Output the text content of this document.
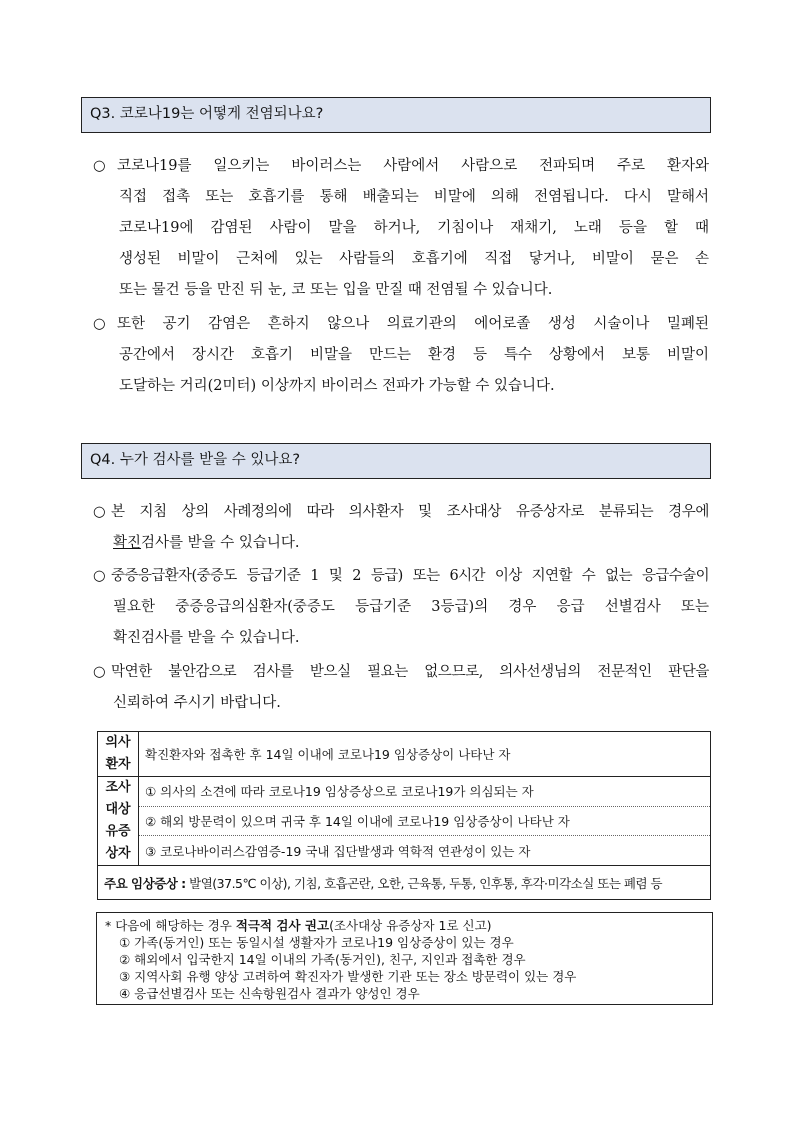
Q3. 코로나19는 어떻게 전염되나요?
○ 코로나19를 일으키는 바이러스는 사람에서 사람으로 전파되며 주로 환자와
직접 접촉 또는 호흡기를 통해 배출되는 비말에 의해 전염됩니다. 다시 말해서
코로나19에 감염된 사람이 말을 하거나, 기침이나 재채기, 노래 등을 할 때
생성된 비말이 근처에 있는 사람들의 호흡기에 직접 닿거나, 비말이 묻은 손
또는 물건 등을 만진 뒤 눈, 코 또는 입을 만질 때 전염될 수 있습니다.
○ 또한 공기 감염은 흔하지 않으나 의료기관의 에어로졸 생성 시술이나 밀폐된
공간에서 장시간 호흡기 비말을 만드는 환경 등 특수 상황에서 보통 비말이
도달하는 거리(2미터) 이상까지 바이러스 전파가 가능할 수 있습니다.
Q4. 누가 검사를 받을 수 있나요?
○ 본 지침 상의 사례정의에 따라 의사환자 및 조사대상 유증상자로 분류되는 경우에
확진검사를 받을 수 있습니다.
○ 중증응급환자(중증도 등급기준 1 및 2 등급) 또는 6시간 이상 지연할 수 없는 응급수술이
필요한 중증응급의심환자(중증도 등급기준 3등급)의 경우 응급 선별검사 또는
확진검사를 받을 수 있습니다.
○ 막연한 불안감으로 검사를 받으실 필요는 없으므로, 의사선생님의 전문적인 판단을
신뢰하여 주시기 바랍니다.
의사
환자	확진환자와 접촉한 후 14일 이내에 코로나19 임상증상이 나타난 자

조사
대상
유증
상자	① 의사의 소견에 따라 코로나19 임상증상으로 코로나19가 의심되는 자
	② 해외 방문력이 있으며 귀국 후 14일 이내에 코로나19 임상증상이 나타난 자
	③ 코로나바이러스감염증-19 국내 집단발생과 역학적 연관성이 있는 자
주요 임상증상 : 발열(37.5℃ 이상), 기침, 호흡곤란, 오한, 근육통, 두통, 인후통, 후각·미각소실 또는 폐렴 등	
* 다음에 해당하는 경우 적극적 검사 권고(조사대상 유증상자 1로 신고)
① 가족(동거인) 또는 동일시설 생활자가 코로나19 임상증상이 있는 경우
② 해외에서 입국한지 14일 이내의 가족(동거인), 친구, 지인과 접촉한 경우
③ 지역사회 유행 양상 고려하여 확진자가 발생한 기관 또는 장소 방문력이 있는 경우
④ 응급선별검사 또는 신속항원검사 결과가 양성인 경우
